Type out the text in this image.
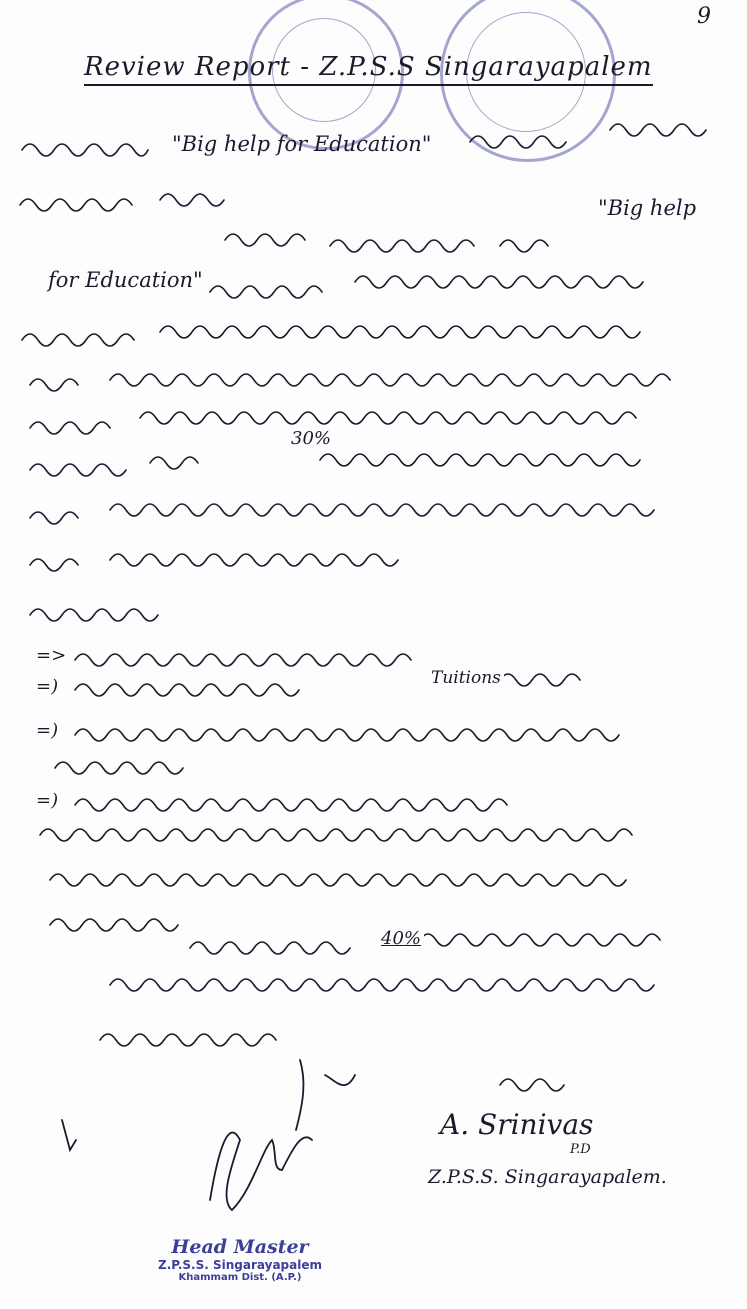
9
Review Report - Z.P.S.S Singarayapalem
"Big help for Education"
"Big help
for Education"
30%
=>
=)	Tuitions
=)
=)
40%
A. Srinivas
P.D
Z.P.S.S. Singarayapalem.
Head Master
Z.P.S.S. Singarayapalem
Khammam Dist. (A.P.)
